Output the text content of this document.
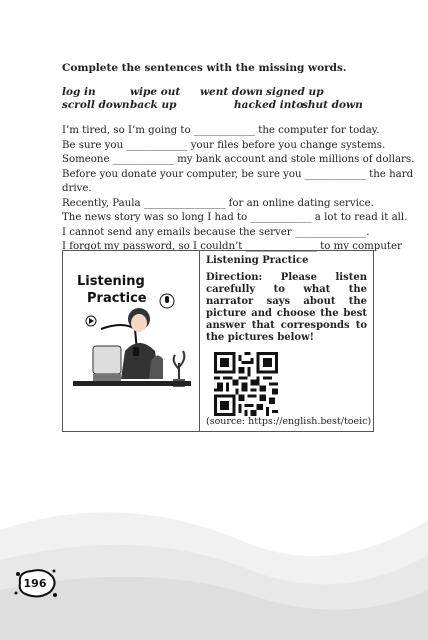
Complete the sentences with the missing words.
log in	wipe out went down signed up
scroll down back up	hacked into
shut down
I’m tired, so I’m going to ____________ the computer for today.
Be sure you ____________ your files before you change systems.
Someone ____________ my bank account and stole millions of dollars.
Before you donate your computer, be sure you ____________ the hard
drive.
Recently, Paula ________________ for an online dating service.
The news story was so long I had to ____________ a lot to read it all.
I cannot send any emails because the server ______________.
I forgot my password, so I couldn’t ______________ to my computer
Listening
Practice
Listening Practice
Direction: Please listen carefully to what the narrator says about the picture and choose the best answer that corresponds to the pictures below!
(source: https://english.best/toeic)
196
